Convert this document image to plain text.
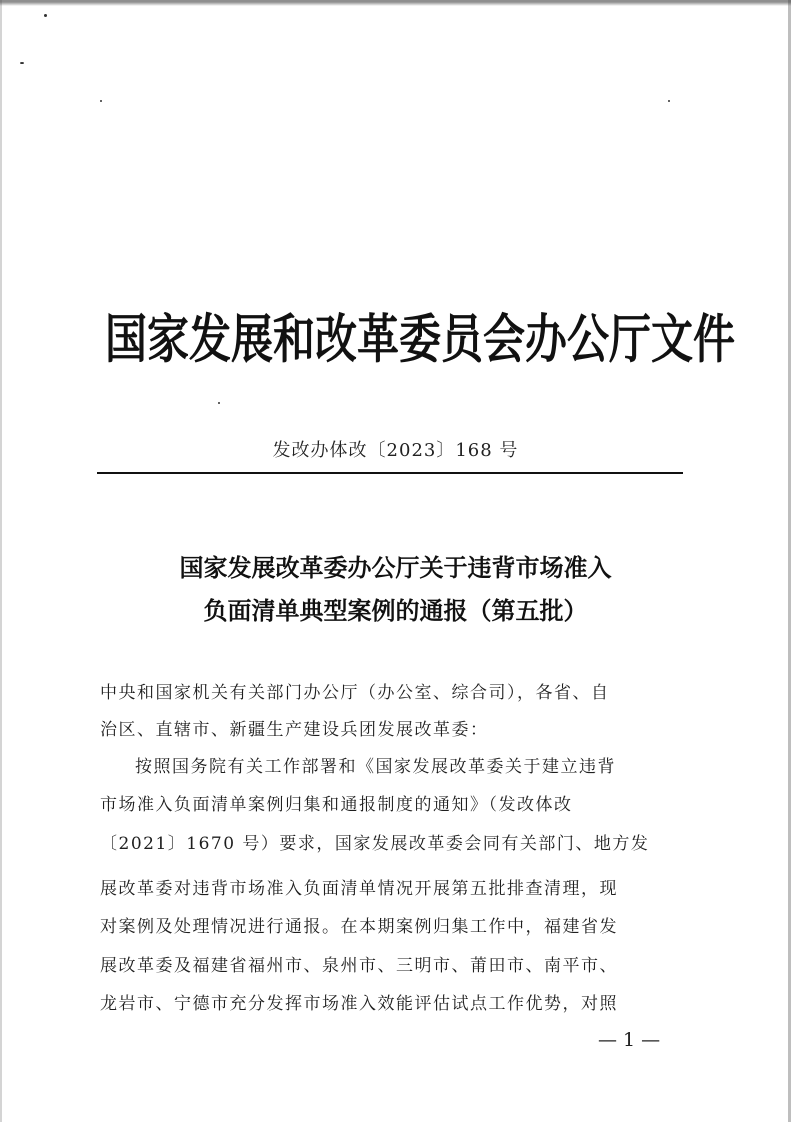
国家发展和改革委员会办公厅文件
发改办体改〔2023〕168 号
国家发展改革委办公厅关于违背市场准入
负面清单典型案例的通报（第五批）
中央和国家机关有关部门办公厅（办公室、综合司），各省、自
治区、直辖市、新疆生产建设兵团发展改革委：
按照国务院有关工作部署和《国家发展改革委关于建立违背
市场准入负面清单案例归集和通报制度的通知》（发改体改
〔2021〕1670 号）要求，国家发展改革委会同有关部门、地方发
展改革委对违背市场准入负面清单情况开展第五批排查清理，现
对案例及处理情况进行通报。在本期案例归集工作中，福建省发
展改革委及福建省福州市、泉州市、三明市、莆田市、南平市、
龙岩市、宁德市充分发挥市场准入效能评估试点工作优势，对照
— 1 —
